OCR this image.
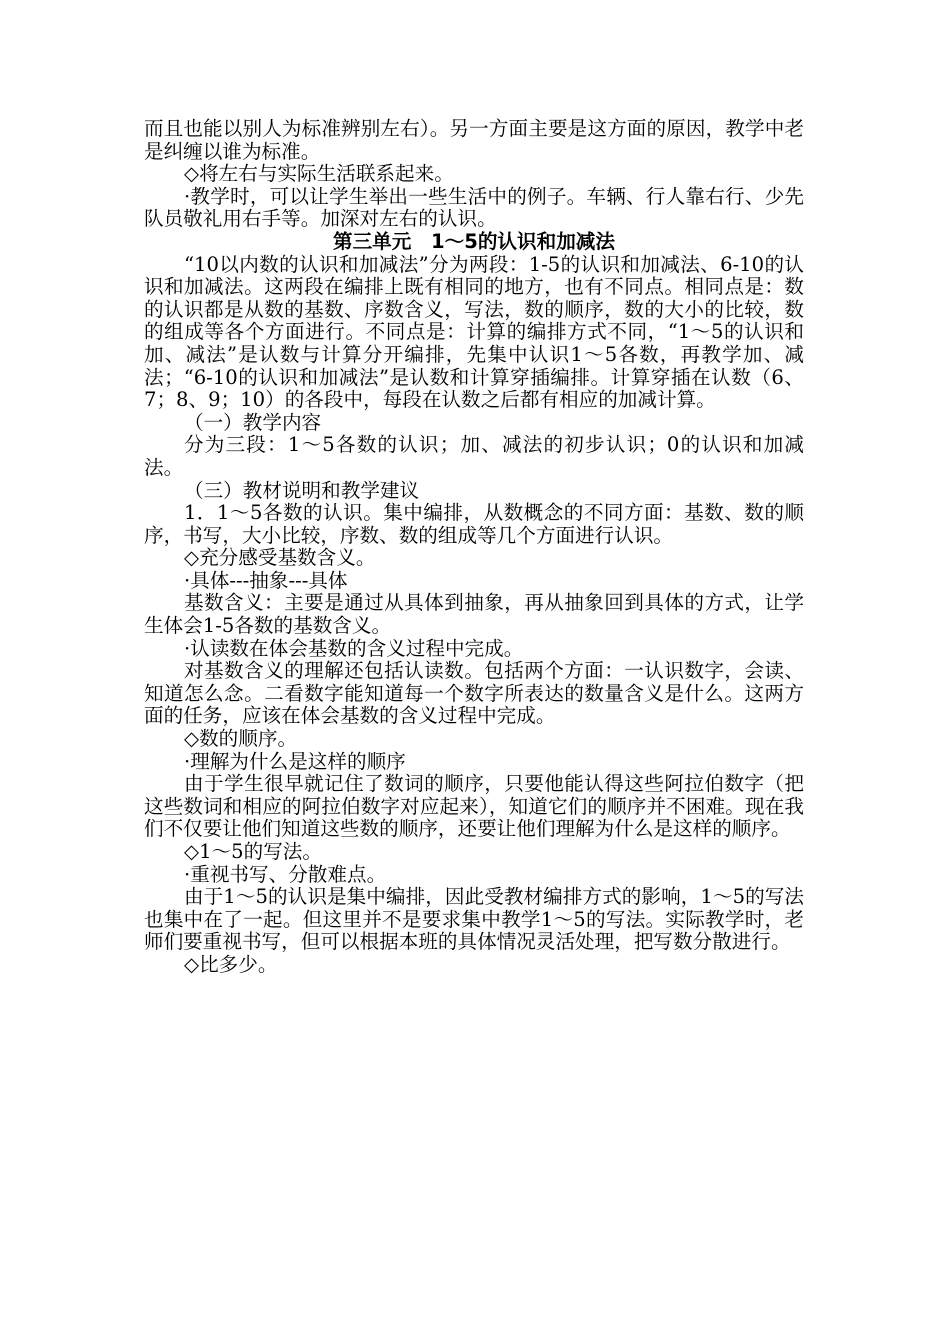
而且也能以别人为标准辨别左右）。另一方面主要是这方面的原因，教学中老是纠缠以谁为标准。

◇将左右与实际生活联系起来。

·教学时，可以让学生举出一些生活中的例子。车辆、行人靠右行、少先队员敬礼用右手等。加深对左右的认识。

第三单元　1～5的认识和加减法

“10以内数的认识和加减法”分为两段：1-5的认识和加减法、6-10的认识和加减法。这两段在编排上既有相同的地方，也有不同点。相同点是：数的认识都是从数的基数、序数含义，写法，数的顺序，数的大小的比较，数的组成等各个方面进行。不同点是：计算的编排方式不同，“1～5的认识和加、减法”是认数与计算分开编排，先集中认识1～5各数，再教学加、减法；“6-10的认识和加减法”是认数和计算穿插编排。计算穿插在认数（6、7；8、9；10）的各段中，每段在认数之后都有相应的加减计算。

（一）教学内容

分为三段：1～5各数的认识；加、减法的初步认识；0的认识和加减法。

（三）教材说明和教学建议

1．1～5各数的认识。集中编排，从数概念的不同方面：基数、数的顺序，书写，大小比较，序数、数的组成等几个方面进行认识。

◇充分感受基数含义。

·具体---抽象---具体

基数含义：主要是通过从具体到抽象，再从抽象回到具体的方式，让学生体会1-5各数的基数含义。

·认读数在体会基数的含义过程中完成。

对基数含义的理解还包括认读数。包括两个方面：一认识数字，会读、知道怎么念。二看数字能知道每一个数字所表达的数量含义是什么。这两方面的任务，应该在体会基数的含义过程中完成。

◇数的顺序。

·理解为什么是这样的顺序

由于学生很早就记住了数词的顺序，只要他能认得这些阿拉伯数字（把这些数词和相应的阿拉伯数字对应起来），知道它们的顺序并不困难。现在我们不仅要让他们知道这些数的顺序，还要让他们理解为什么是这样的顺序。

◇1～5的写法。

·重视书写、分散难点。

由于1～5的认识是集中编排，因此受教材编排方式的影响，1～5的写法也集中在了一起。但这里并不是要求集中教学1～5的写法。实际教学时，老师们要重视书写，但可以根据本班的具体情况灵活处理，把写数分散进行。

◇比多少。
